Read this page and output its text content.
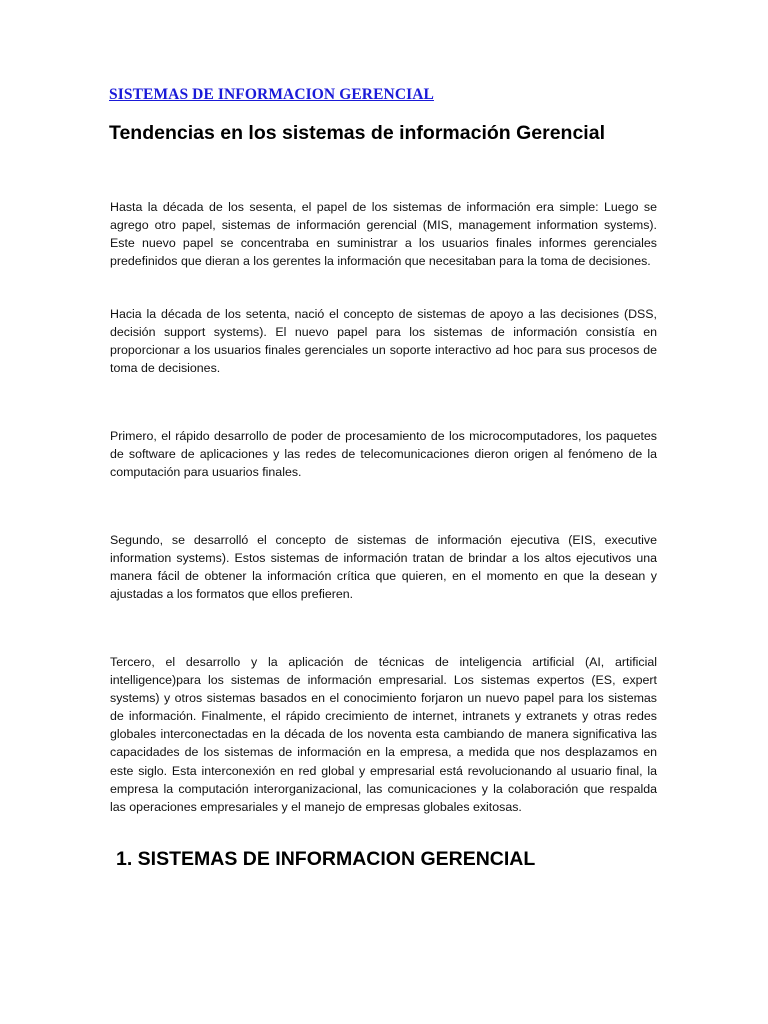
SISTEMAS DE INFORMACION GERENCIAL
Tendencias en los sistemas de información Gerencial

Hasta la década de los sesenta, el papel de los sistemas de información era simple: Luego se agrego otro papel, sistemas de información gerencial (MIS, management information systems). Este nuevo papel se concentraba en suministrar a los usuarios finales informes gerenciales predefinidos que dieran a los gerentes la información que necesitaban para la toma de decisiones.

Hacia la década de los setenta, nació el concepto de sistemas de apoyo a las decisiones (DSS, decisión support systems). El nuevo papel para los sistemas de información consistía en proporcionar a los usuarios finales gerenciales un soporte interactivo ad hoc para sus procesos de toma de decisiones.

Primero, el rápido desarrollo de poder de procesamiento de los microcomputadores, los paquetes de software de aplicaciones y las redes de telecomunicaciones dieron origen al fenómeno de la computación para usuarios finales.

Segundo, se desarrolló el concepto de sistemas de información ejecutiva (EIS, executive information systems). Estos sistemas de información tratan de brindar a los altos ejecutivos una manera fácil de obtener la información crítica que quieren, en el momento en que la desean y ajustadas a los formatos que ellos prefieren.

Tercero, el desarrollo y la aplicación de técnicas de inteligencia artificial (AI, artificial intelligence)para los sistemas de información empresarial. Los sistemas expertos (ES, expert systems) y otros sistemas basados en el conocimiento forjaron un nuevo papel para los sistemas de información. Finalmente, el rápido crecimiento de internet, intranets y extranets y otras redes globales interconectadas en la década de los noventa esta cambiando de manera significativa las capacidades de los sistemas de información en la empresa, a medida que nos desplazamos en este siglo. Esta interconexión en red global y empresarial está revolucionando al usuario final, la empresa la computación interorganizacional, las comunicaciones y la colaboración que respalda las operaciones empresariales y el manejo de empresas globales exitosas.

1. SISTEMAS DE INFORMACION GERENCIAL
